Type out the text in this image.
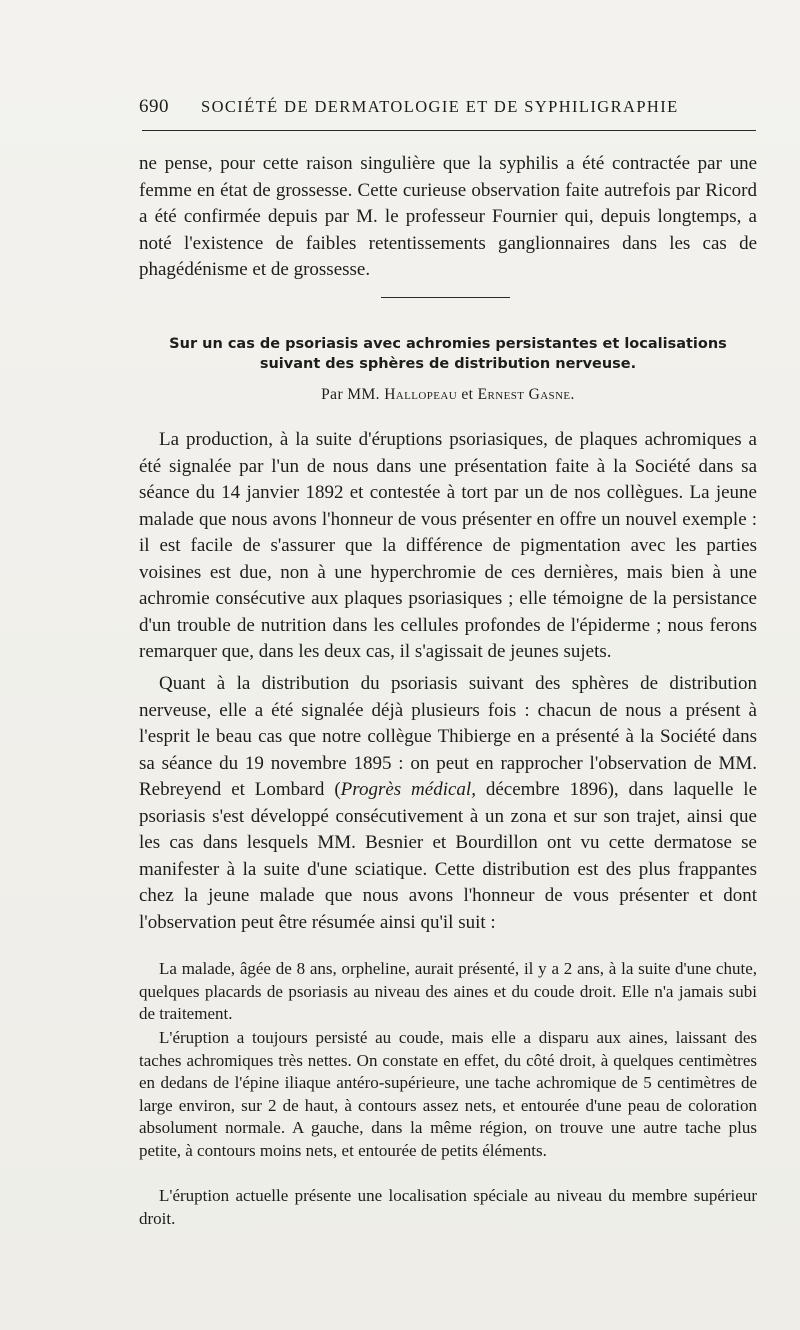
690 SOCIÉTÉ DE DERMATOLOGIE ET DE SYPHILIGRAPHIE

ne pense, pour cette raison singulière que la syphilis a été contractée par une femme en état de grossesse. Cette curieuse observation faite autrefois par Ricord a été confirmée depuis par M. le professeur Fournier qui, depuis longtemps, a noté l'existence de faibles retentissements ganglionnaires dans les cas de phagédénisme et de grossesse.

Sur un cas de psoriasis avec achromies persistantes et localisations suivant des sphères de distribution nerveuse.
Par MM. Hallopeau et Ernest Gasne.

La production, à la suite d'éruptions psoriasiques, de plaques achromiques a été signalée par l'un de nous dans une présentation faite à la Société dans sa séance du 14 janvier 1892 et contestée à tort par un de nos collègues. La jeune malade que nous avons l'honneur de vous présenter en offre un nouvel exemple : il est facile de s'assurer que la différence de pigmentation avec les parties voisines est due, non à une hyperchromie de ces dernières, mais bien à une achromie consécutive aux plaques psoriasiques ; elle témoigne de la persistance d'un trouble de nutrition dans les cellules profondes de l'épiderme ; nous ferons remarquer que, dans les deux cas, il s'agissait de jeunes sujets.

Quant à la distribution du psoriasis suivant des sphères de distribution nerveuse, elle a été signalée déjà plusieurs fois : chacun de nous a présent à l'esprit le beau cas que notre collègue Thibierge en a présenté à la Société dans sa séance du 19 novembre 1895 : on peut en rapprocher l'observation de MM. Rebreyend et Lombard (Progrès médical, décembre 1896), dans laquelle le psoriasis s'est développé consécutivement à un zona et sur son trajet, ainsi que les cas dans lesquels MM. Besnier et Bourdillon ont vu cette dermatose se manifester à la suite d'une sciatique. Cette distribution est des plus frappantes chez la jeune malade que nous avons l'honneur de vous présenter et dont l'observation peut être résumée ainsi qu'il suit :

La malade, âgée de 8 ans, orpheline, aurait présenté, il y a 2 ans, à la suite d'une chute, quelques placards de psoriasis au niveau des aines et du coude droit. Elle n'a jamais subi de traitement.

L'éruption a toujours persisté au coude, mais elle a disparu aux aines, laissant des taches achromiques très nettes. On constate en effet, du côté droit, à quelques centimètres en dedans de l'épine iliaque antéro-supérieure, une tache achromique de 5 centimètres de large environ, sur 2 de haut, à contours assez nets, et entourée d'une peau de coloration absolument normale. A gauche, dans la même région, on trouve une autre tache plus petite, à contours moins nets, et entourée de petits éléments.

L'éruption actuelle présente une localisation spéciale au niveau du membre supérieur droit.
